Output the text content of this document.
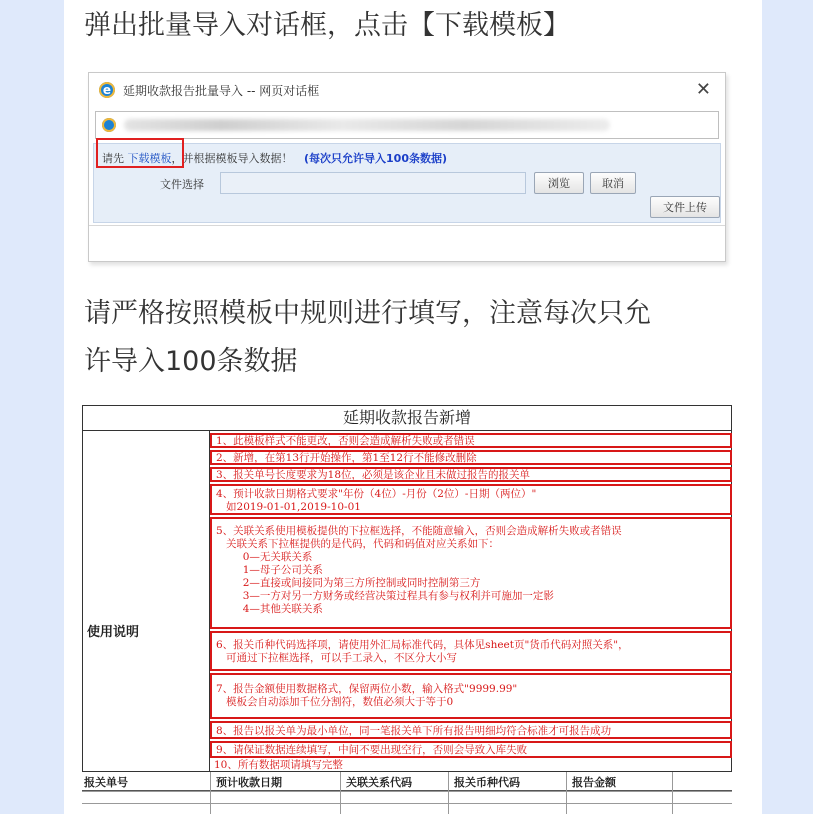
弹出批量导入对话框，点击【下载模板】

e 延期收款报告批量导入 -- 网页对话框	✕
请先 下载模板，并根据模板导入数据！ (每次只允许导入100条数据)
文件选择	浏览	取消
文件上传

请严格按照模板中规则进行填写，注意每次只允

许导入100条数据

延期收款报告新增
使用说明
1、此模板样式不能更改，否则会造成解析失败或者错误
2、新增，在第13行开始操作，第1至12行不能修改删除
3、报关单号长度要求为18位，必须是该企业且未做过报告的报关单
4、预计收款日期格式要求"年份（4位）-月份（2位）-日期（两位）"
如2019-01-01,2019-10-01
5、关联关系使用模板提供的下拉框选择，不能随意输入，否则会造成解析失败或者错误
关联关系下拉框提供的是代码，代码和码值对应关系如下：
0—无关联关系
1—母子公司关系
2—直接或间接同为第三方所控制或同时控制第三方
3—一方对另一方财务或经营决策过程具有参与权利并可施加一定影
4—其他关联关系
6、报关币种代码选择项，请使用外汇局标准代码，具体见sheet页"货币代码对照关系"，
可通过下拉框选择，可以手工录入，不区分大小写
7、报告金额使用数据格式，保留两位小数，输入格式"9999.99"
模板会自动添加千位分割符，数值必须大于等于0
8、报告以报关单为最小单位，同一笔报关单下所有报告明细均符合标准才可报告成功
9、请保证数据连续填写，中间不要出现空行，否则会导致入库失败
10、所有数据项请填写完整
报关单号	预计收款日期	关联关系代码	报关币种代码	报告金额
